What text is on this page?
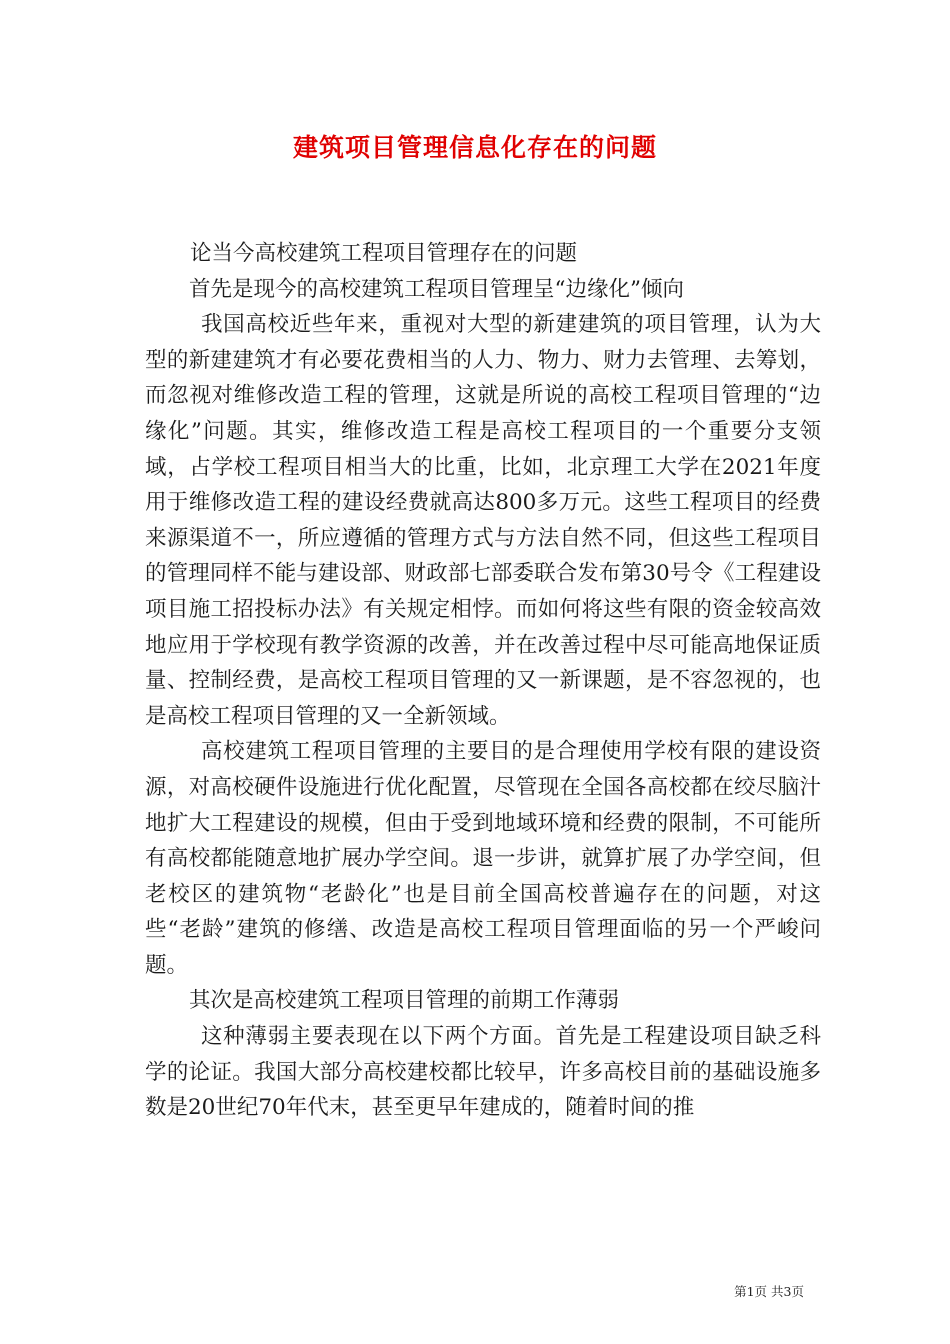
建筑项目管理信息化存在的问题

论当今高校建筑工程项目管理存在的问题

首先是现今的高校建筑工程项目管理呈“边缘化”倾向

我国高校近些年来，重视对大型的新建建筑的项目管理，认为大型的新建建筑才有必要花费相当的人力、物力、财力去管理、去筹划，而忽视对维修改造工程的管理，这就是所说的高校工程项目管理的“边缘化”问题。其实，维修改造工程是高校工程项目的一个重要分支领域，占学校工程项目相当大的比重，比如，北京理工大学在2021年度用于维修改造工程的建设经费就高达800多万元。这些工程项目的经费来源渠道不一，所应遵循的管理方式与方法自然不同，但这些工程项目的管理同样不能与建设部、财政部七部委联合发布第30号令《工程建设项目施工招投标办法》有关规定相悖。而如何将这些有限的资金较高效地应用于学校现有教学资源的改善，并在改善过程中尽可能高地保证质量、控制经费，是高校工程项目管理的又一新课题，是不容忽视的，也是高校工程项目管理的又一全新领域。

高校建筑工程项目管理的主要目的是合理使用学校有限的建设资源，对高校硬件设施进行优化配置，尽管现在全国各高校都在绞尽脑汁地扩大工程建设的规模，但由于受到地域环境和经费的限制，不可能所有高校都能随意地扩展办学空间。退一步讲，就算扩展了办学空间，但老校区的建筑物“老龄化”也是目前全国高校普遍存在的问题，对这些“老龄”建筑的修缮、改造是高校工程项目管理面临的另一个严峻问题。

其次是高校建筑工程项目管理的前期工作薄弱

这种薄弱主要表现在以下两个方面。首先是工程建设项目缺乏科学的论证。我国大部分高校建校都比较早，许多高校目前的基础设施多数是20世纪70年代末，甚至更早年建成的，随着时间的推

第1页 共3页
